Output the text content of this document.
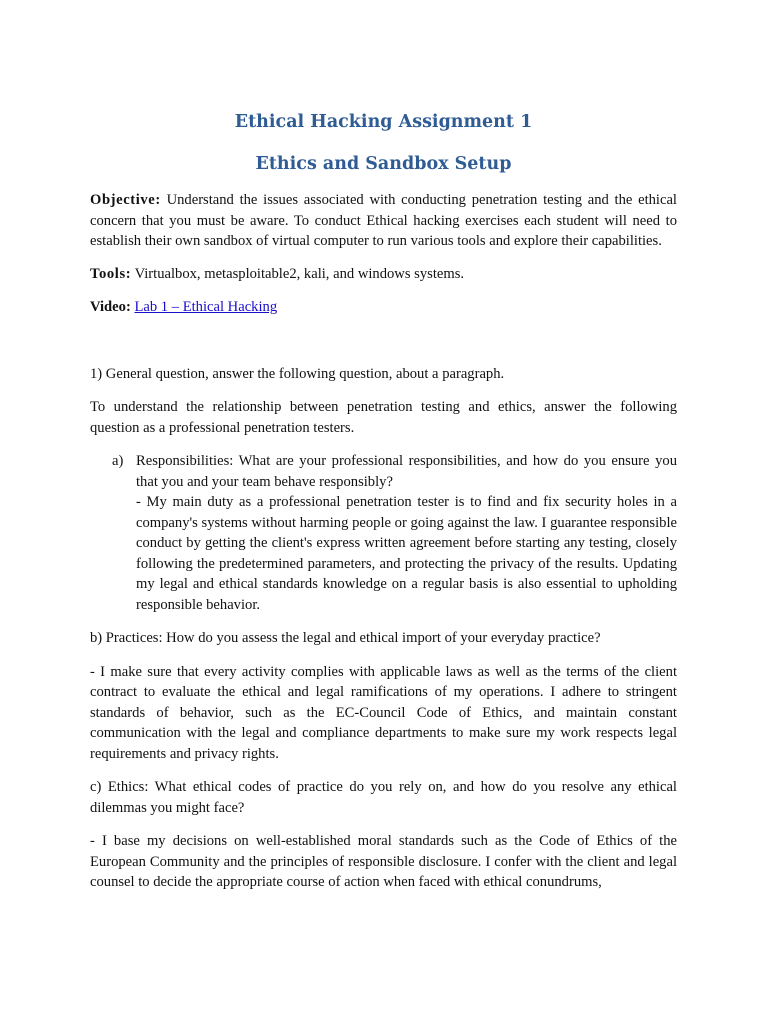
Ethical Hacking Assignment 1
Ethics and Sandbox Setup

Objective: Understand the issues associated with conducting penetration testing and the ethical concern that you must be aware. To conduct Ethical hacking exercises each student will need to establish their own sandbox of virtual computer to run various tools and explore their capabilities.

Tools: Virtualbox, metasploitable2, kali, and windows systems.

Video: Lab 1 – Ethical Hacking

1) General question, answer the following question, about a paragraph.

To understand the relationship between penetration testing and ethics, answer the following question as a professional penetration testers.

a) Responsibilities: What are your professional responsibilities, and how do you ensure you that you and your team behave responsibly?
- My main duty as a professional penetration tester is to find and fix security holes in a company's systems without harming people or going against the law. I guarantee responsible conduct by getting the client's express written agreement before starting any testing, closely following the predetermined parameters, and protecting the privacy of the results. Updating my legal and ethical standards knowledge on a regular basis is also essential to upholding responsible behavior.

b) Practices: How do you assess the legal and ethical import of your everyday practice?

- I make sure that every activity complies with applicable laws as well as the terms of the client contract to evaluate the ethical and legal ramifications of my operations. I adhere to stringent standards of behavior, such as the EC-Council Code of Ethics, and maintain constant communication with the legal and compliance departments to make sure my work respects legal requirements and privacy rights.

c) Ethics: What ethical codes of practice do you rely on, and how do you resolve any ethical dilemmas you might face?

- I base my decisions on well-established moral standards such as the Code of Ethics of the European Community and the principles of responsible disclosure. I confer with the client and legal counsel to decide the appropriate course of action when faced with ethical conundrums,
